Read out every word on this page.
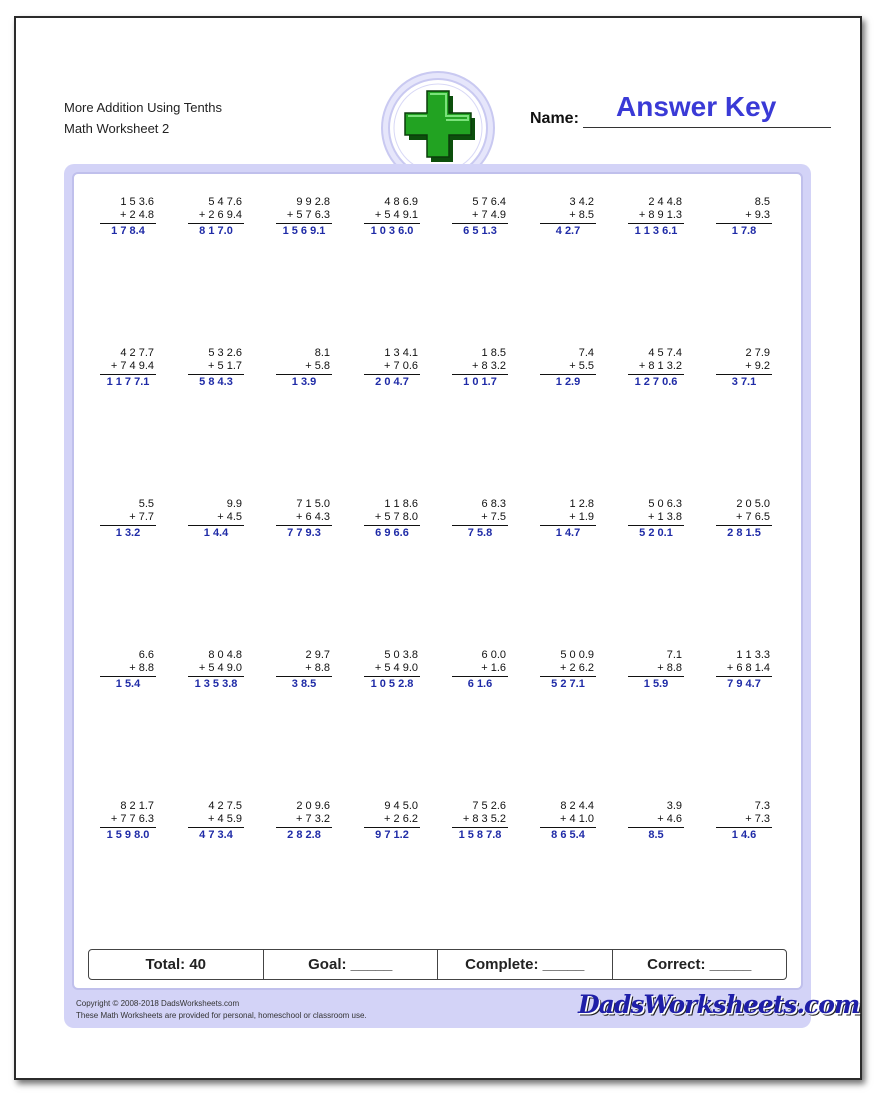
More Addition Using Tenths
Math Worksheet 2
Name: Answer Key
1 5 3.6
+ 2 4.8
1 7 8.4
5 4 7.6
+ 2 6 9.4
8 1 7.0
9 9 2.8
+ 5 7 6.3
1 5 6 9.1
4 8 6.9
+ 5 4 9.1
1 0 3 6.0
5 7 6.4
+ 7 4.9
6 5 1.3
3 4.2
+ 8.5
4 2.7
2 4 4.8
+ 8 9 1.3
1 1 3 6.1
8.5
+ 9.3
1 7.8
4 2 7.7
+ 7 4 9.4
1 1 7 7.1
5 3 2.6
+ 5 1.7
5 8 4.3
8.1
+ 5.8
1 3.9
1 3 4.1
+ 7 0.6
2 0 4.7
1 8.5
+ 8 3.2
1 0 1.7
7.4
+ 5.5
1 2.9
4 5 7.4
+ 8 1 3.2
1 2 7 0.6
2 7.9
+ 9.2
3 7.1
5.5
+ 7.7
1 3.2
9.9
+ 4.5
1 4.4
7 1 5.0
+ 6 4.3
7 7 9.3
1 1 8.6
+ 5 7 8.0
6 9 6.6
6 8.3
+ 7.5
7 5.8
1 2.8
+ 1.9
1 4.7
5 0 6.3
+ 1 3.8
5 2 0.1
2 0 5.0
+ 7 6.5
2 8 1.5
6.6
+ 8.8
1 5.4
8 0 4.8
+ 5 4 9.0
1 3 5 3.8
2 9.7
+ 8.8
3 8.5
5 0 3.8
+ 5 4 9.0
1 0 5 2.8
6 0.0
+ 1.6
6 1.6
5 0 0.9
+ 2 6.2
5 2 7.1
7.1
+ 8.8
1 5.9
1 1 3.3
+ 6 8 1.4
7 9 4.7
8 2 1.7
+ 7 7 6.3
1 5 9 8.0
4 2 7.5
+ 4 5.9
4 7 3.4
2 0 9.6
+ 7 3.2
2 8 2.8
9 4 5.0
+ 2 6.2
9 7 1.2
7 5 2.6
+ 8 3 5.2
1 5 8 7.8
8 2 4.4
+ 4 1.0
8 6 5.4
3.9
+ 4.6
8.5
7.3
+ 7.3
1 4.6
Total: 40	Goal: _____	Complete: _____	Correct: _____
Copyright © 2008-2018 DadsWorksheets.com
These Math Worksheets are provided for personal, homeschool or classroom use.	DadsWorksheets.com
